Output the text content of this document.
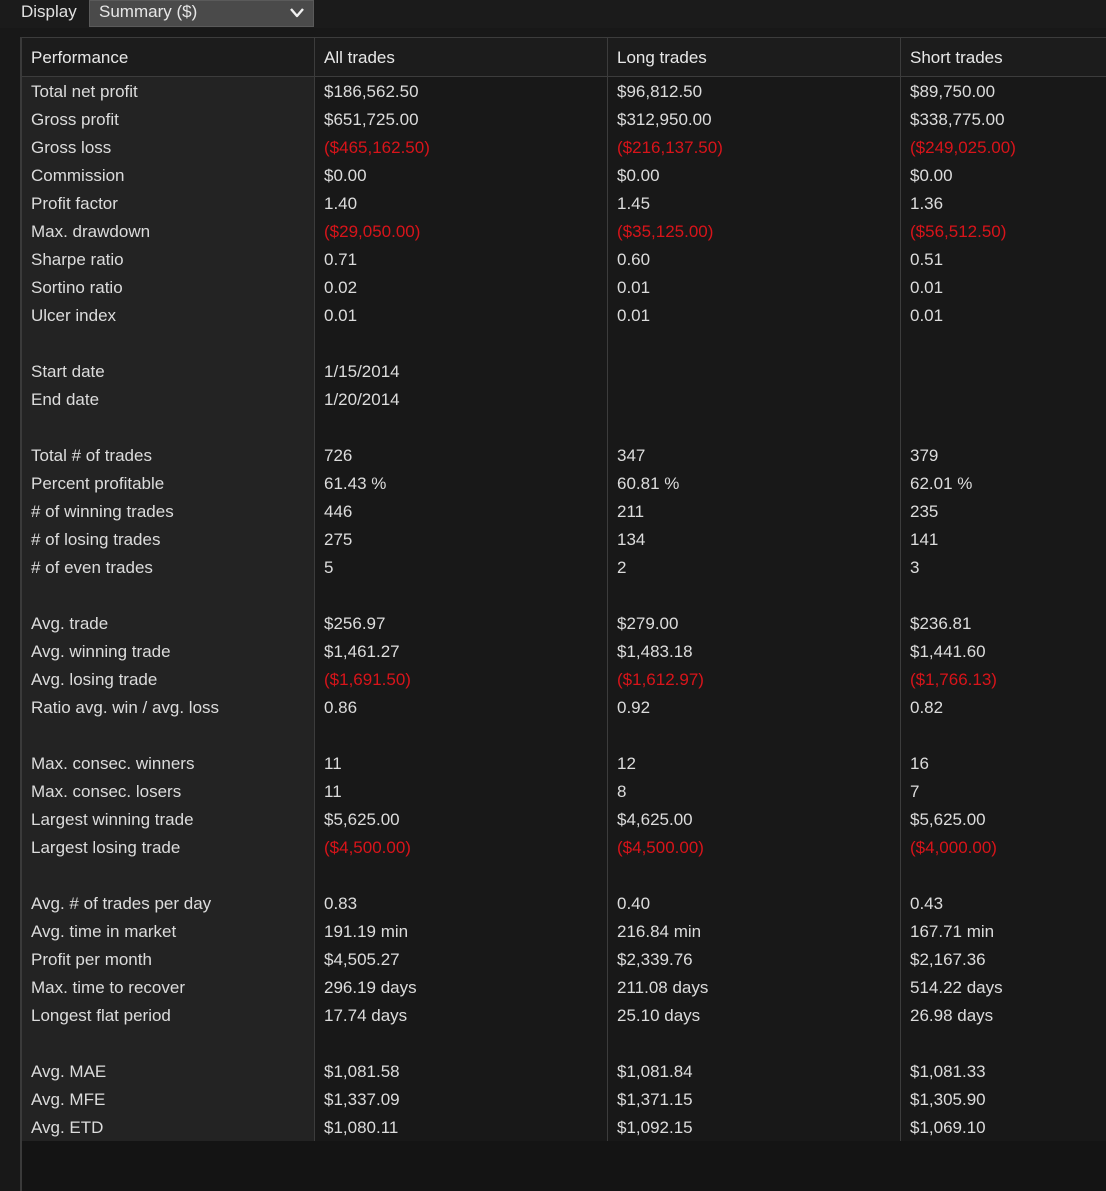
Display Summary ($)
Performance	All trades	Long trades	Short trades
Total net profit	$186,562.50	$96,812.50	$89,750.00
Gross profit	$651,725.00	$312,950.00	$338,775.00
Gross loss	($465,162.50)	($216,137.50)	($249,025.00)
Commission	$0.00	$0.00	$0.00
Profit factor	1.40	1.45	1.36
Max. drawdown	($29,050.00)	($35,125.00)	($56,512.50)
Sharpe ratio	0.71	0.60	0.51
Sortino ratio	0.02	0.01	0.01
Ulcer index	0.01	0.01	0.01
Start date	1/15/2014
End date	1/20/2014
Total # of trades	726	347	379
Percent profitable	61.43 %	60.81 %	62.01 %
# of winning trades	446	211	235
# of losing trades	275	134	141
# of even trades	5	2	3
Avg. trade	$256.97	$279.00	$236.81
Avg. winning trade	$1,461.27	$1,483.18	$1,441.60
Avg. losing trade	($1,691.50)	($1,612.97)	($1,766.13)
Ratio avg. win / avg. loss	0.86	0.92	0.82
Max. consec. winners	11	12	16
Max. consec. losers	11	8	7
Largest winning trade	$5,625.00	$4,625.00	$5,625.00
Largest losing trade	($4,500.00)	($4,500.00)	($4,000.00)
Avg. # of trades per day	0.83	0.40	0.43
Avg. time in market	191.19 min	216.84 min	167.71 min
Profit per month	$4,505.27	$2,339.76	$2,167.36
Max. time to recover	296.19 days	211.08 days	514.22 days
Longest flat period	17.74 days	25.10 days	26.98 days
Avg. MAE	$1,081.58	$1,081.84	$1,081.33
Avg. MFE	$1,337.09	$1,371.15	$1,305.90
Avg. ETD	$1,080.11	$1,092.15	$1,069.10
